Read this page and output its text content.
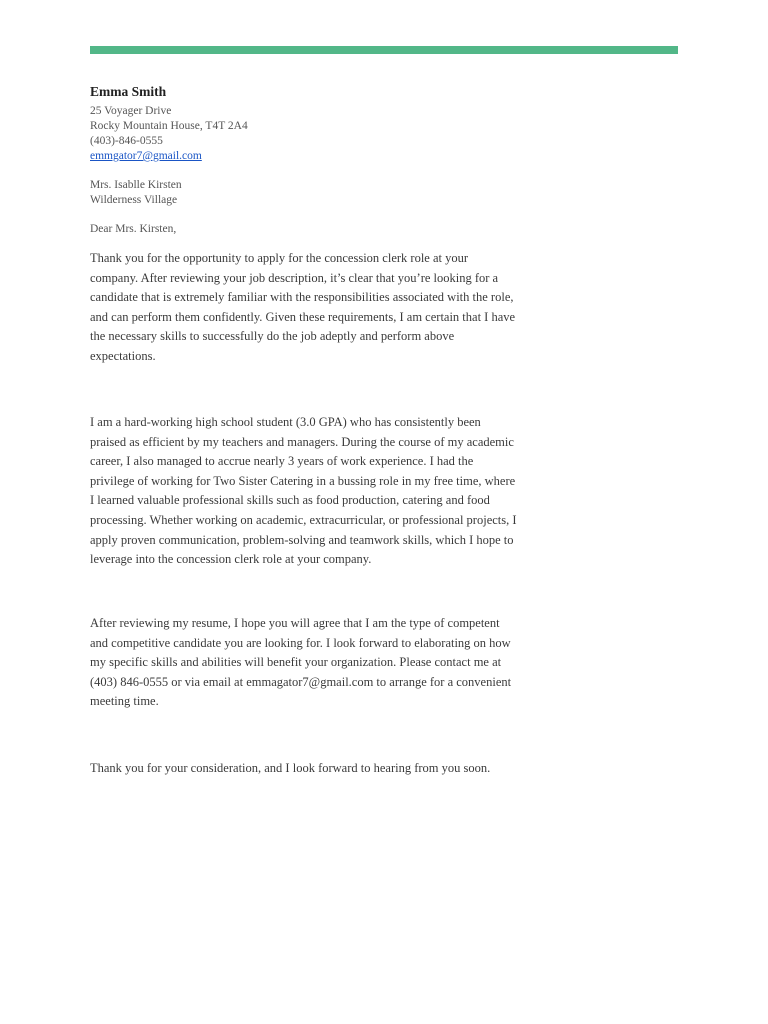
Emma Smith
25 Voyager Drive
Rocky Mountain House, T4T 2A4
(403)-846-0555
emmgator7@gmail.com
Mrs. Isablle Kirsten
Wilderness Village
Dear Mrs. Kirsten,

Thank you for the opportunity to apply for the concession clerk role at your
company. After reviewing your job description, it’s clear that you’re looking for a
candidate that is extremely familiar with the responsibilities associated with the role,
and can perform them confidently. Given these requirements, I am certain that I have
the necessary skills to successfully do the job adeptly and perform above
expectations.

I am a hard-working high school student (3.0 GPA) who has consistently been
praised as efficient by my teachers and managers. During the course of my academic
career, I also managed to accrue nearly 3 years of work experience. I had the
privilege of working for Two Sister Catering in a bussing role in my free time, where
I learned valuable professional skills such as food production, catering and food
processing. Whether working on academic, extracurricular, or professional projects, I
apply proven communication, problem-solving and teamwork skills, which I hope to
leverage into the concession clerk role at your company.

After reviewing my resume, I hope you will agree that I am the type of competent
and competitive candidate you are looking for. I look forward to elaborating on how
my specific skills and abilities will benefit your organization. Please contact me at
(403) 846-0555 or via email at emmagator7@gmail.com to arrange for a convenient
meeting time.

Thank you for your consideration, and I look forward to hearing from you soon.
